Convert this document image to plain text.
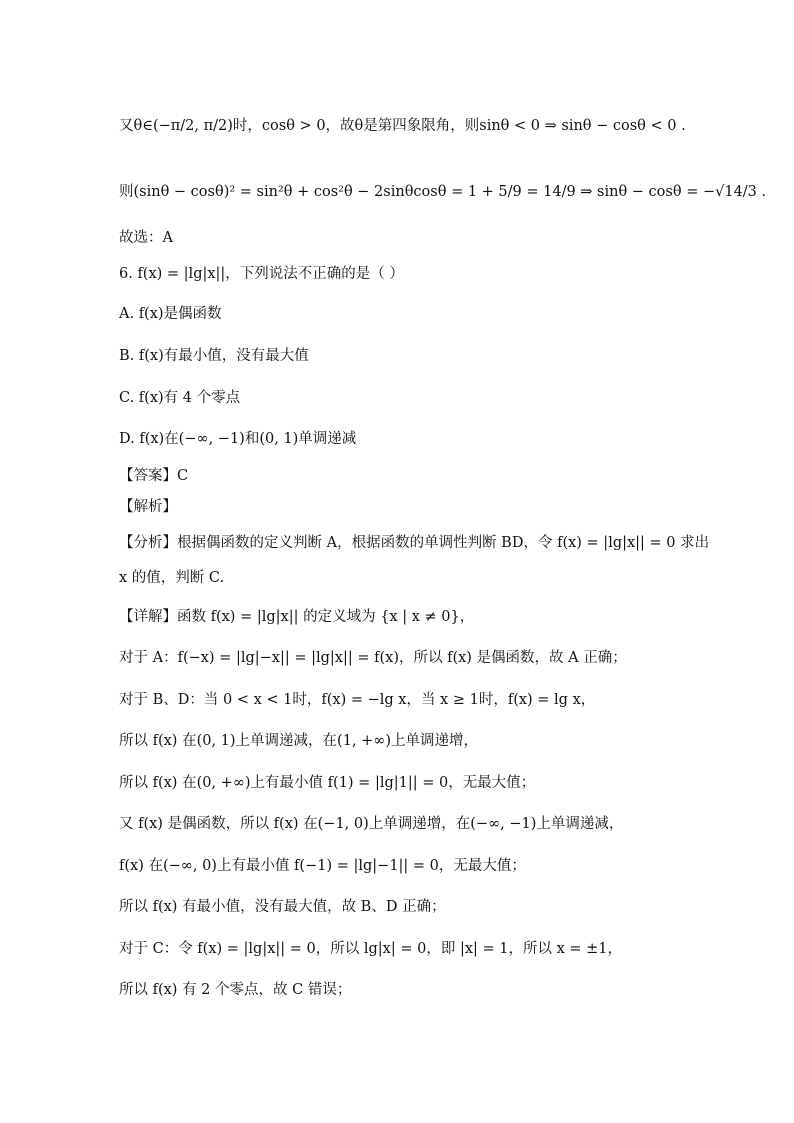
又θ∈(−π/2, π/2)时，cosθ > 0，故θ是第四象限角，则sinθ < 0 ⇒ sinθ − cosθ < 0 .
则(sinθ − cosθ)² = sin²θ + cos²θ − 2sinθcosθ = 1 + 5/9 = 14/9 ⇒ sinθ − cosθ = −√14/3 .
故选：A
6. f(x) = |lg|x||，下列说法不正确的是（ ）
A. f(x)是偶函数
B. f(x)有最小值，没有最大值
C. f(x)有 4 个零点
D. f(x)在(−∞, −1)和(0, 1)单调递减
【答案】C
【解析】
【分析】根据偶函数的定义判断 A，根据函数的单调性判断 BD，令 f(x) = |lg|x|| = 0 求出
x 的值，判断 C.
【详解】函数 f(x) = |lg|x|| 的定义域为 {x | x ≠ 0}，
对于 A：f(−x) = |lg|−x|| = |lg|x|| = f(x)，所以 f(x) 是偶函数，故 A 正确；
对于 B、D：当 0 < x < 1时，f(x) = −lg x，当 x ≥ 1时，f(x) = lg x，
所以 f(x) 在(0, 1)上单调递减，在(1, +∞)上单调递增，
所以 f(x) 在(0, +∞)上有最小值 f(1) = |lg|1|| = 0，无最大值；
又 f(x) 是偶函数，所以 f(x) 在(−1, 0)上单调递增，在(−∞, −1)上单调递减，
f(x) 在(−∞, 0)上有最小值 f(−1) = |lg|−1|| = 0，无最大值；
所以 f(x) 有最小值，没有最大值，故 B、D 正确；
对于 C：令 f(x) = |lg|x|| = 0，所以 lg|x| = 0，即 |x| = 1，所以 x = ±1，
所以 f(x) 有 2 个零点，故 C 错误；
